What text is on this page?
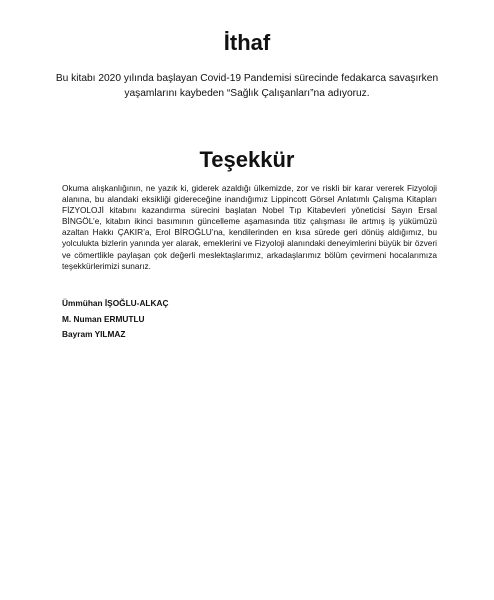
İthaf

Bu kitabı 2020 yılında başlayan Covid-19 Pandemisi sürecinde fedakarca savaşırken yaşamlarını kaybeden “Sağlık Çalışanları”na adıyoruz.

Teşekkür

Okuma alışkanlığının, ne yazık ki, giderek azaldığı ülkemizde, zor ve riskli bir karar vererek Fizyoloji alanına, bu alandaki eksikliği gidereceğine inandığımız Lippincott Görsel Anlatımlı Çalışma Kitapları FİZYOLOJİ kitabını kazandırma sürecini başlatan Nobel Tıp Kitabevleri yöneticisi Sayın Ersal BİNGÖL’e, kitabın ikinci basımının güncelleme aşamasında titiz çalışması ile artmış iş yükümüzü azaltan Hakkı ÇAKIR’a, Erol BİROĞLU’na, kendilerinden en kısa sürede geri dönüş aldığımız, bu yolculukta bizlerin yanında yer alarak, emeklerini ve Fizyoloji alanındaki deneyimlerini büyük bir özveri ve cömertlikle paylaşan çok değerli meslektaşlarımız, arkadaşlarımız bölüm çevirmeni hocalarımıza teşekkürlerimizi sunarız.

Ümmühan İŞOĞLU-ALKAÇ
M. Numan ERMUTLU
Bayram YILMAZ
